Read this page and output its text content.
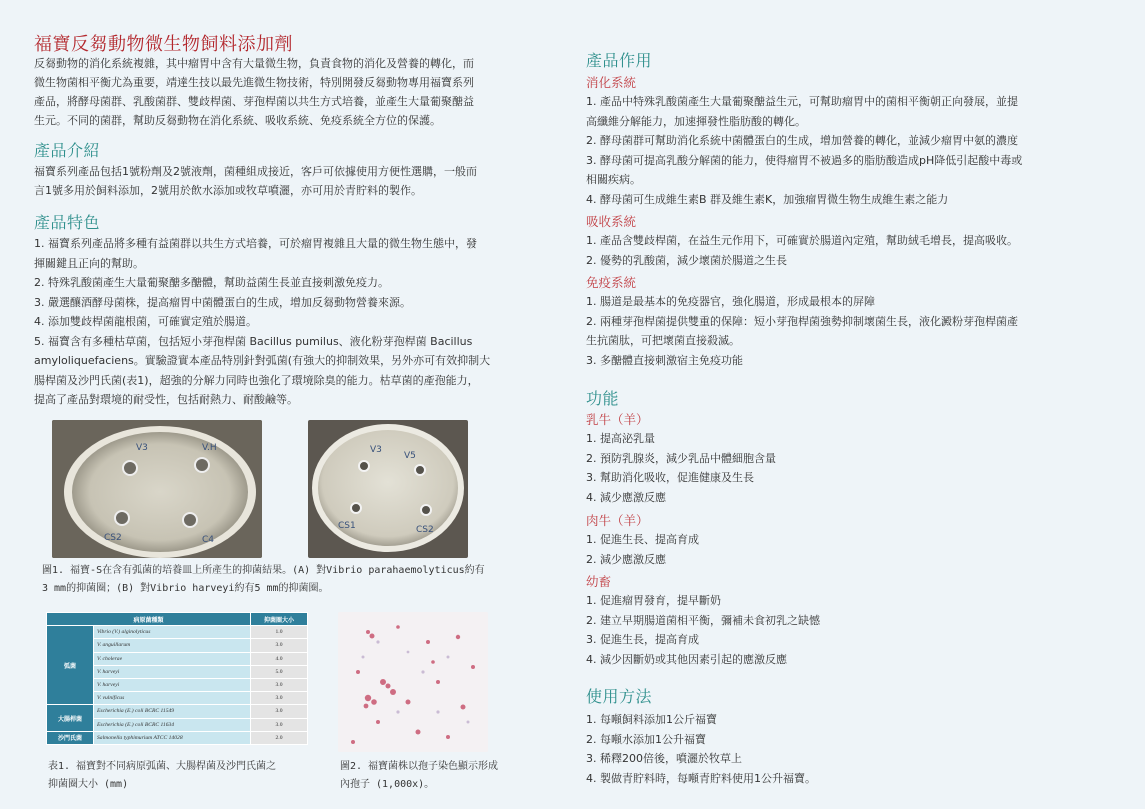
福寶反芻動物微生物飼料添加劑

反芻動物的消化系統複雜，其中瘤胃中含有大量微生物，負責食物的消化及營養的轉化，而

微生物菌相平衡尤為重要，靖達生技以最先進微生物技術，特別開發反芻動物專用福寶系列

產品，將酵母菌群、乳酸菌群、雙歧桿菌、芽孢桿菌以共生方式培養，並產生大量葡聚醣益

生元。不同的菌群，幫助反芻動物在消化系統、吸收系統、免疫系統全方位的保護。

產品介紹

福寶系列產品包括1號粉劑及2號液劑，菌種組成接近，客戶可依據使用方便性選購，一般而

言1號多用於飼料添加，2號用於飲水添加或牧草噴灑，亦可用於青貯料的製作。

產品特色
1. 福寶系列產品將多種有益菌群以共生方式培養，可於瘤胃複雜且大量的微生物生態中，發
揮關鍵且正向的幫助。
2. 特殊乳酸菌產生大量葡聚醣多醣體，幫助益菌生長並直接刺激免疫力。
3. 嚴選釀酒酵母菌株，提高瘤胃中菌體蛋白的生成，增加反芻動物營養來源。
4. 添加雙歧桿菌龍根菌，可確實定殖於腸道。
5. 福寶含有多種枯草菌，包括短小芽孢桿菌 Bacillus pumilus、液化粉芽孢桿菌 Bacillus
amyloliquefaciens。實驗證實本產品特別針對弧菌(有強大的抑制效果，另外亦可有效抑制大
腸桿菌及沙門氏菌(表1)，超強的分解力同時也強化了環境除臭的能力。枯草菌的產孢能力，
提高了產品對環境的耐受性，包括耐熱力、耐酸鹼等。
V3	V.H
CS2	C4
V3
V5
CS1	CS2
圖1. 福寶-S在含有弧菌的培養皿上所產生的抑菌結果。(A) 對Vibrio parahaemolyticus約有
3 mm的抑菌圈；(B) 對Vibrio harveyi約有5 mm的抑菌圈。
病原菌種類		抑菌圈大小
弧菌	Vibrio (V.) alginolyticus	1.0
	V. anguillarum	3.0
	V. cholerae	4.0
	V. harveyi	5.0
	V. harveyi	3.0
	V. vulnificus	3.0
大腸桿菌	Escherichia (E.) coli BCRC 11549	3.0
	Escherichia (E.) coli BCRC 11634	3.0
沙門氏菌	Salmonella typhimurium ATCC 14028	2.0
表1. 福寶對不同病原弧菌、大腸桿菌及沙門氏菌之
抑菌圈大小 (mm)
圖2. 福寶菌株以孢子染色顯示形成
內孢子 (1,000x)。
產品作用
消化系統
1. 產品中特殊乳酸菌產生大量葡聚醣益生元，可幫助瘤胃中的菌相平衡朝正向發展，並提
高纖維分解能力，加速揮發性脂肪酸的轉化。
2. 酵母菌群可幫助消化系統中菌體蛋白的生成，增加營養的轉化，並減少瘤胃中氨的濃度
3. 酵母菌可提高乳酸分解菌的能力，使得瘤胃不被過多的脂肪酸造成pH降低引起酸中毒或
相關疾病。
4. 酵母菌可生成維生素B 群及維生素K，加強瘤胃微生物生成維生素之能力
吸收系統
1. 產品含雙歧桿菌，在益生元作用下，可確實於腸道內定殖，幫助絨毛增長，提高吸收。
2. 優勢的乳酸菌，減少壞菌於腸道之生長
免疫系統
1. 腸道是最基本的免疫器官，強化腸道，形成最根本的屏障
2. 兩種芽孢桿菌提供雙重的保障：短小芽孢桿菌強勢抑制壞菌生長，液化澱粉芽孢桿菌產
生抗菌肽，可把壞菌直接殺滅。
3. 多醣體直接刺激宿主免疫功能
功能
乳牛（羊）
1. 提高泌乳量
2. 預防乳腺炎，減少乳品中體細胞含量
3. 幫助消化吸收，促進健康及生長
4. 減少應激反應
肉牛（羊）
1. 促進生長、提高育成
2. 減少應激反應
幼畜
1. 促進瘤胃發育，提早斷奶
2. 建立早期腸道菌相平衡，彌補未食初乳之缺憾
3. 促進生長，提高育成
4. 減少因斷奶或其他因素引起的應激反應
使用方法
1. 每噸飼料添加1公斤福寶
2. 每噸水添加1公升福寶
3. 稀釋200倍後，噴灑於牧草上
4. 製做青貯料時，每噸青貯料使用1公升福寶。
